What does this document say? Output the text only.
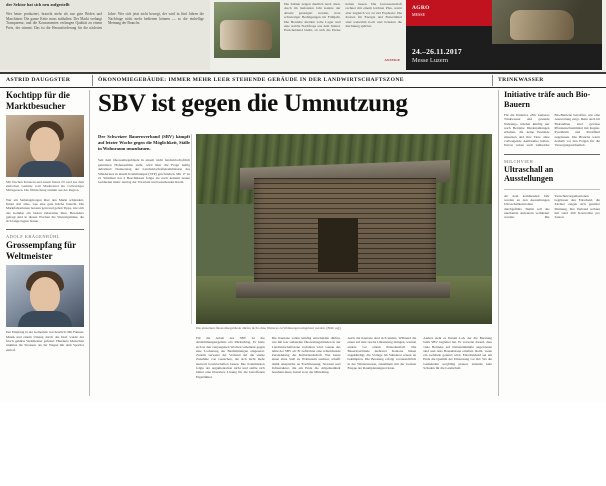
der Sektor hat sich neu aufgestellt
Wer heute produziert, braucht mehr als nur gute Böden und Maschinen: Die ganze Kette muss mithalten. Der Markt verlangt Transparenz, und die Konsumenten verlangen Qualität zu einem Preis, der stimmt. Das ist die Herausforderung für die nächsten Jahre. Wer sich jetzt nicht bewegt, der wird in fünf Jahren die Nachfrage nicht mehr bedienen können — so die einhellige Meinung der Branche.
Die Zahlen zeigen deutlich nach oben. Auch im laufenden Jahr konnte der Absatz gesteigert werden, trotz schwieriger Bedingungen im Frühjahr. Die Betriebe melden volle Lager und eine stabile Nachfrage aus dem Inland. Entscheidend bleibt, ob sich die Preise halten lassen. Die Genossenschaft rechnet mit einem leichten Plus, warnt aber zugleich vor zu viel Euphorie: Die Kosten für Energie und Futtermittel sind weiterhin hoch und belasten die Rechnung spürbar.
ANZEIGE
AGRO
MESSE
24.–26.11.2017
Messe Luzern
ASTRID DAUGGSTER	ÖKONOMIEGEBÄUDE: IMMER MEHR LEER STEHENDE GEBÄUDE IN DER LANDWIRTSCHAFTSZONE	TRINKWASSER
Kochtipp für die Marktbesucher
Mit frischen Kräutern und einem feinen Öl wird aus dem einfachen Gemüse vom Marktstand ein vollwertiges Mittagessen. Die Ölmischung stammt aus der Region.
Wer am Samstagmorgen über den Markt schlendert, findet dort alles, was eine gute Küche braucht. Die Marktfahrerinnen beraten gern und geben Tipps, wie sich das Gemüse am besten zubereiten lässt. Besonders gefragt sind in diesen Wochen die Wurzelgemüse, die sich lange lagern lassen.
ADOLF KRÄGENBÜHL
Grossempfang für Weltmeister
Der Empfang in der Gemeinde war herzlich: Mit Fahnen, Musik und einem Umzug durch das Dorf wurde der frisch gekürte Weltmeister gefeiert. Hunderte Menschen säumten die Strassen, als der Wagen mit dem Sportler eintraf.
SBV ist gegen die Umnutzung
Der Schweizer Bauernverband (SBV) kämpft auf letzter Woche gegen die Möglichkeit, Ställe in Wohnraum umzubauen.
Seit dem Ökonomiegebäude in einem nicht landwirtschaftlich genutzten Hofensemble steht, wird über die Frage heftig debattiert: Donnerstag der Landwirtschaftskommission des Ständerates in einem Kommuniqué (STP) geschrieben. Mit 17 zu 21 Stimmen hat 2 Beschlüssen folgte sie nach keinem neuen Gebäuden mehr. Antrag der Vorarbeit und bestehendes Recht.
Die einzelnen Ökonomiegebäude dürfen nicht ohne Weiteres zu Wohnungen umgebaut werden. (Bild: ugj)

Für die Arbeit des SBV ist das Abstimmungsergebnis ein Rückschlag. Er hatte sich in den vergangenen Wochen vehement gegen eine Lockerung der Bestimmungen eingesetzt. Zudem verweist der Verband auf die starke Zunahme von Gesuchen, die sich nicht mehr sinnvoll bewirtschaften lassen. Die Kommission folgte der Argumentation nicht und stellte sich hinter eine liberalere Lösung für die betroffenen Eigentümer.

Die Kantone sollen künftig entscheiden dürfen, wie mit leer stehenden Ökonomiegebäuden in der Landwirtschaftszone verfahren wird. Genau das lehnt der SBV ab: Er befürchtet eine schleichende Zersiedelung der Kulturlandschaft. Wer heute einen alten Stall zu Wohnraum ausbaut, schafft damit Ansprüche an Erschliessung, Strassen und Infrastruktur, die am Ende die Allgemeinheit bezahlen muss, heisst es in der Mitteilung.

Auch die Kantone sind sich uneins. Während die einen auf eine rasche Umsetzung drängen, warnen andere vor einem Präzedenzfall. Die Bauernverbände mehrerer Kantone haben angekündigt, die Vorlage im Ständerat erneut zu bekämpfen. Die Beratung erfolgt voraussichtlich in der Wintersession, zusammen mit der zweiten Etappe der Raumplanungsrevision.

Anders sieht es Daniel Loh, der die Beratung beim SBV begleitet hat. Er verweist darauf, dass viele Betriebe auf Nebeneinkünfte angewiesen sind und dass Bausubstanz erhalten bleibt, wenn ein Gebäude genutzt wird. Entscheidend sei am Ende die Qualität der Umsetzung vor Ort: Wo die Gemeinden sorgfältig planen, entstehe kein Schaden für die Landschaft.

Initiative träfe auch Bio-Bauern
Für die Initiative «Für sauberes Trinkwasser und gesunde Nahrung» würden künftig nur noch Betriebe Direktzahlungen erhalten, die keine Pestizide einsetzen und ihre Tiere ohne vorbeugende Antibiotika halten. Davon wären auch zahlreiche Bio-Betriebe betroffen, wie eine Auswertung zeigt. Denn auch im Biolandbau sind gewisse Pflanzenschutzmittel mit Kupfer, Pyrethrum und Paraffinöl zugelassen. Die Branche warnt deshalb vor den Folgen für die Versorgungssicherheit.
MILCHVIEH
Ultraschall an Ausstellungen
Ab dem kommenden Jahr werden an den Ausstellungen Ultraschallkontrollen durchgeführt. Damit soll das unerlaubte Aufeutern verhindert werden. Die Tierschutzorganisationen begrüssen den Entscheid, die Züchter zeigen sich geteilter Meinung. Der Verband rechnet mit rund 200 Kontrollen pro Saison.
